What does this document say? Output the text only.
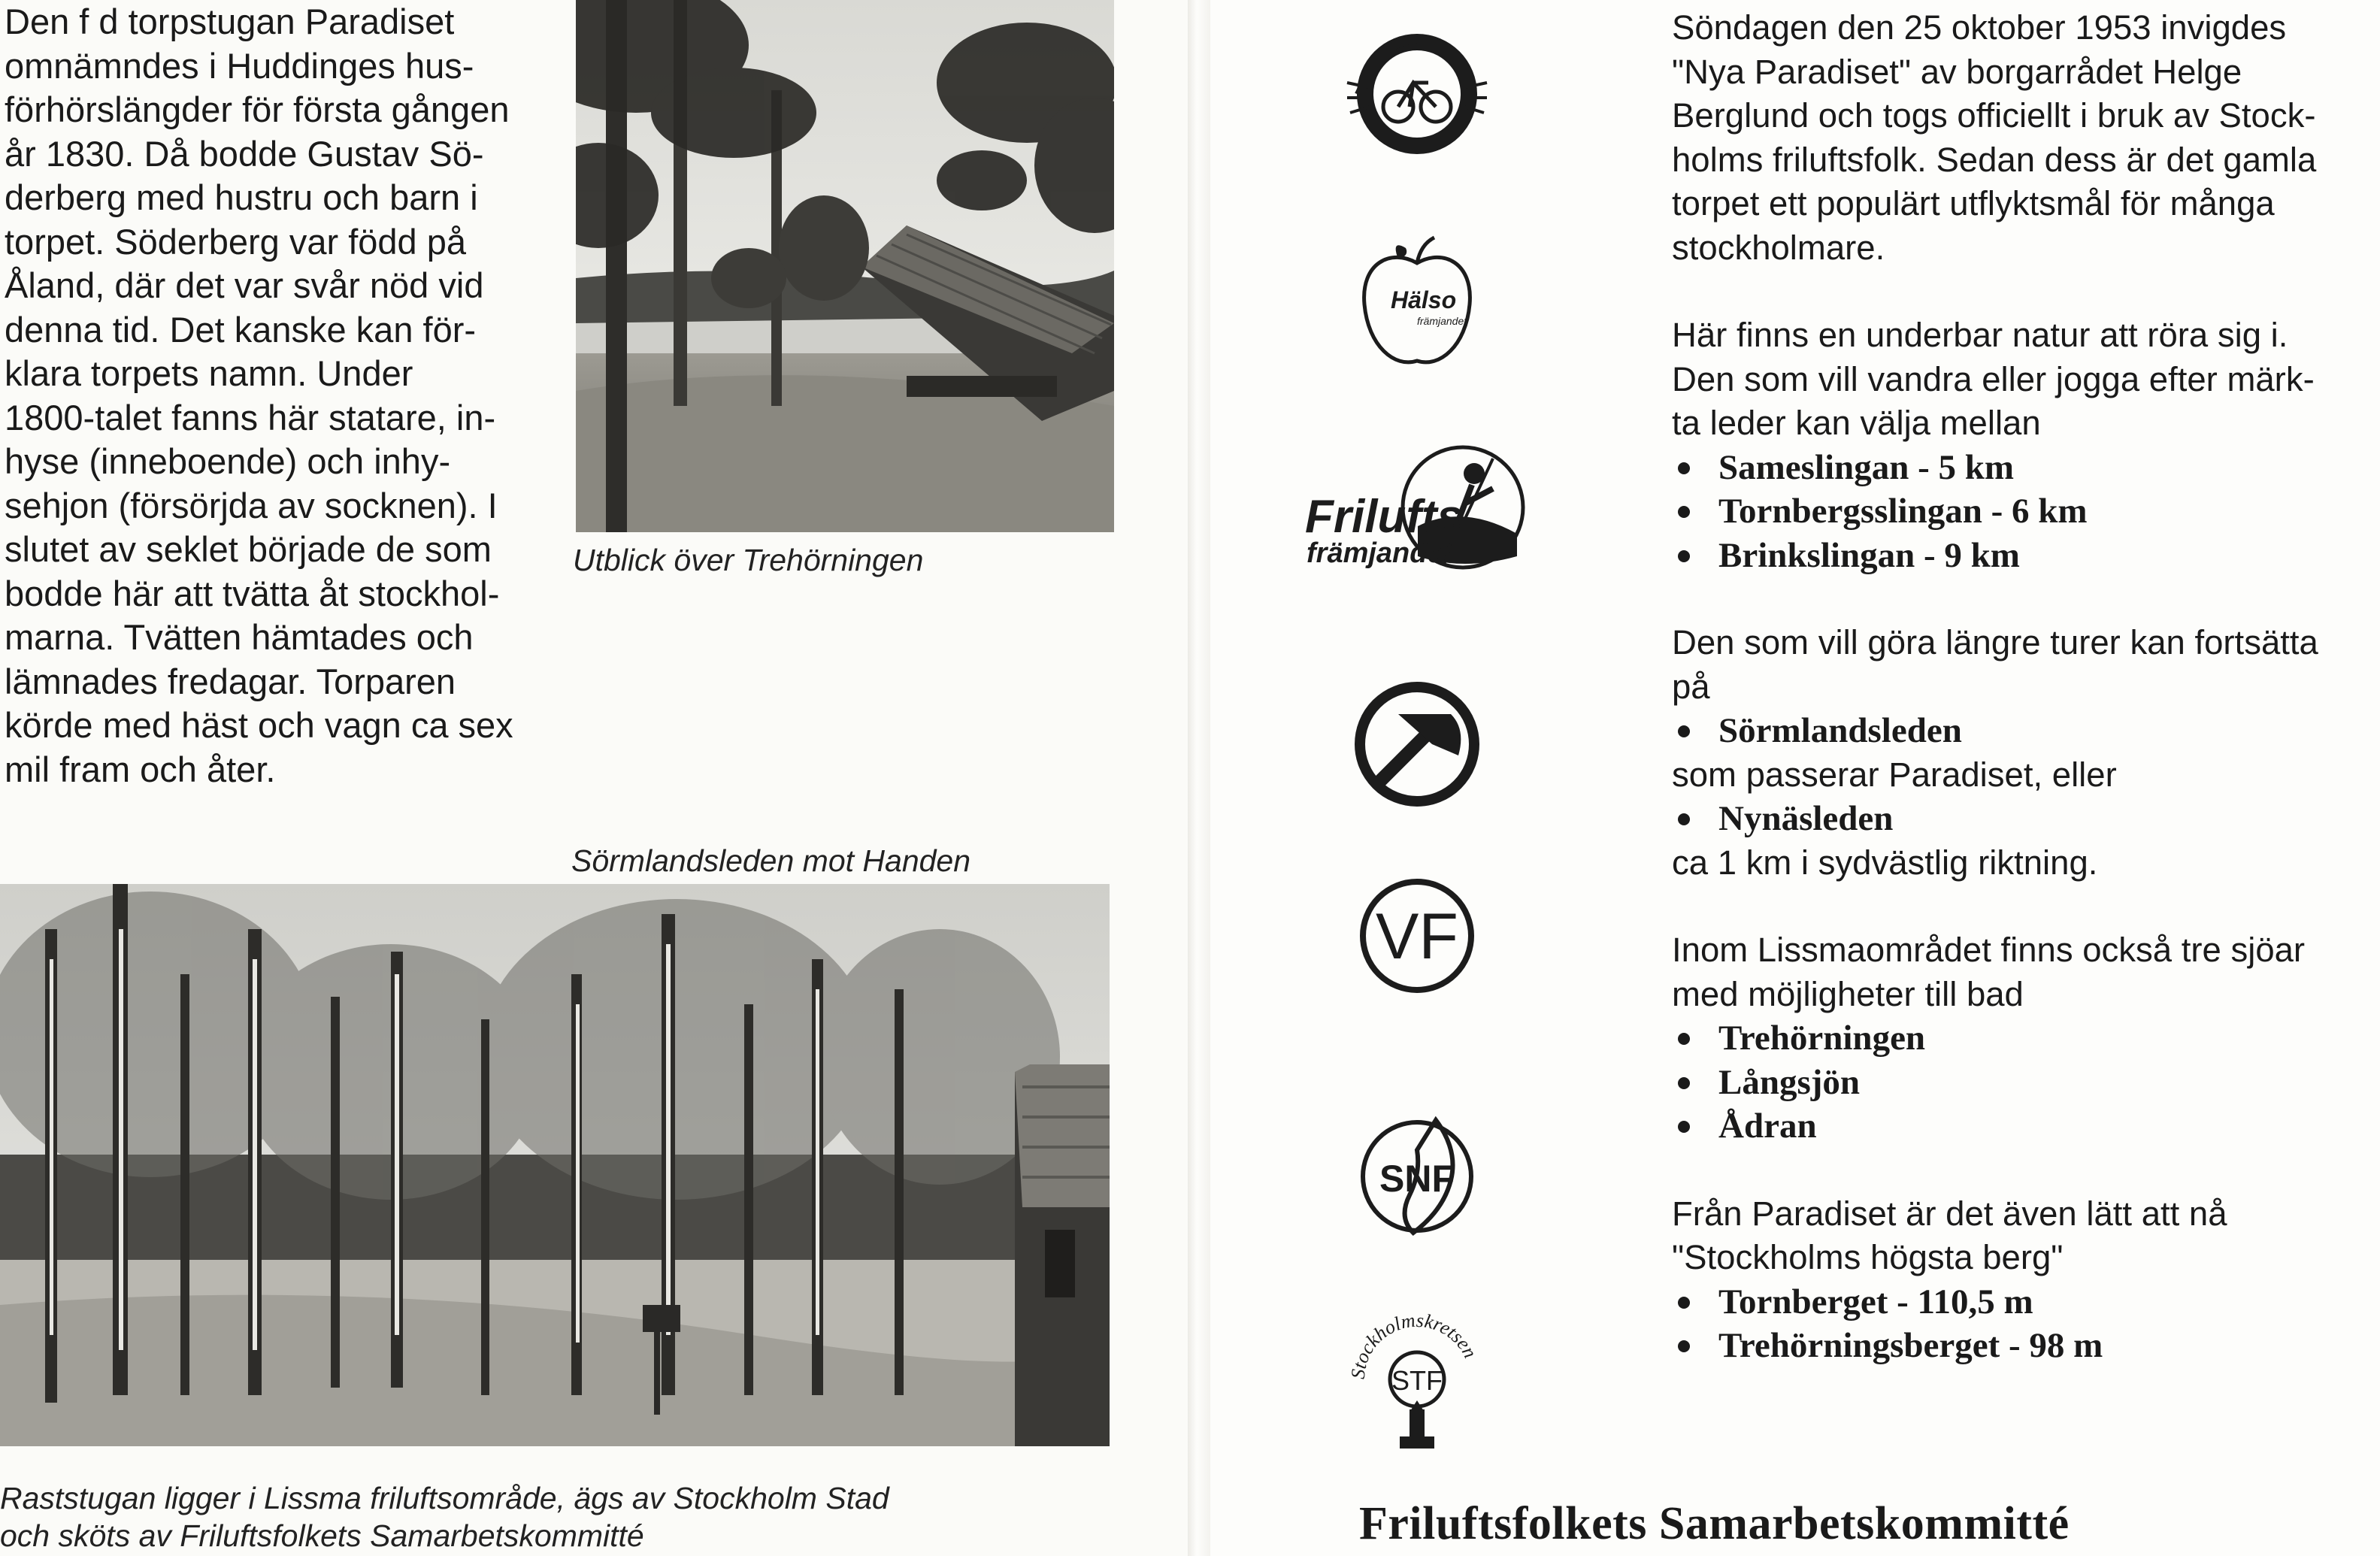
Den f d torpstugan Paradiset

omnämndes i Huddinges hus-

förhörslängder för första gången

år 1830. Då bodde Gustav Sö-

derberg med hustru och barn i

torpet. Söderberg var född på

Åland, där det var svår nöd vid

denna tid. Det kanske kan för-

klara torpets namn. Under

1800-talet fanns här statare, in-

hyse (inneboende) och inhy-

sehjon (försörjda av socknen). I

slutet av seklet började de som

bodde här att tvätta åt stockhol-

marna. Tvätten hämtades och

lämnades fredagar. Torparen

körde med häst och vagn ca sex

mil fram och åter.

Utblick över Trehörningen
Sörmlandsleden mot Handen
Raststugan ligger i Lissma friluftsområde, ägs av Stockholm Stad
och sköts av Friluftsfolkets Samarbetskommitté
Hälso
främjandet
Frilufts
främjandet
VF
SNF
Stockholmskretsen
STF

Söndagen den 25 oktober 1953 invigdes

"Nya Paradiset" av borgarrådet Helge

Berglund och togs officiellt i bruk av Stock-

holms friluftsfolk. Sedan dess är det gamla

torpet ett populärt utflyktsmål för många

stockholmare.

Här finns en underbar natur att röra sig i.

Den som vill vandra eller jogga efter märk-

ta leder kan välja mellan

Sameslingan - 5 km
Tornbergsslingan - 6 km
Brinkslingan - 9 km

Den som vill göra längre turer kan fortsätta

på

Sörmlandsleden

som passerar Paradiset, eller

Nynäsleden

ca 1 km i sydvästlig riktning.

Inom Lissmaområdet finns också tre sjöar

med möjligheter till bad

Trehörningen
Långsjön
Ådran

Från Paradiset är det även lätt att nå

"Stockholms högsta berg"

Tornberget - 110,5 m
Trehörningsberget - 98 m
Friluftsfolkets Samarbetskommitté
